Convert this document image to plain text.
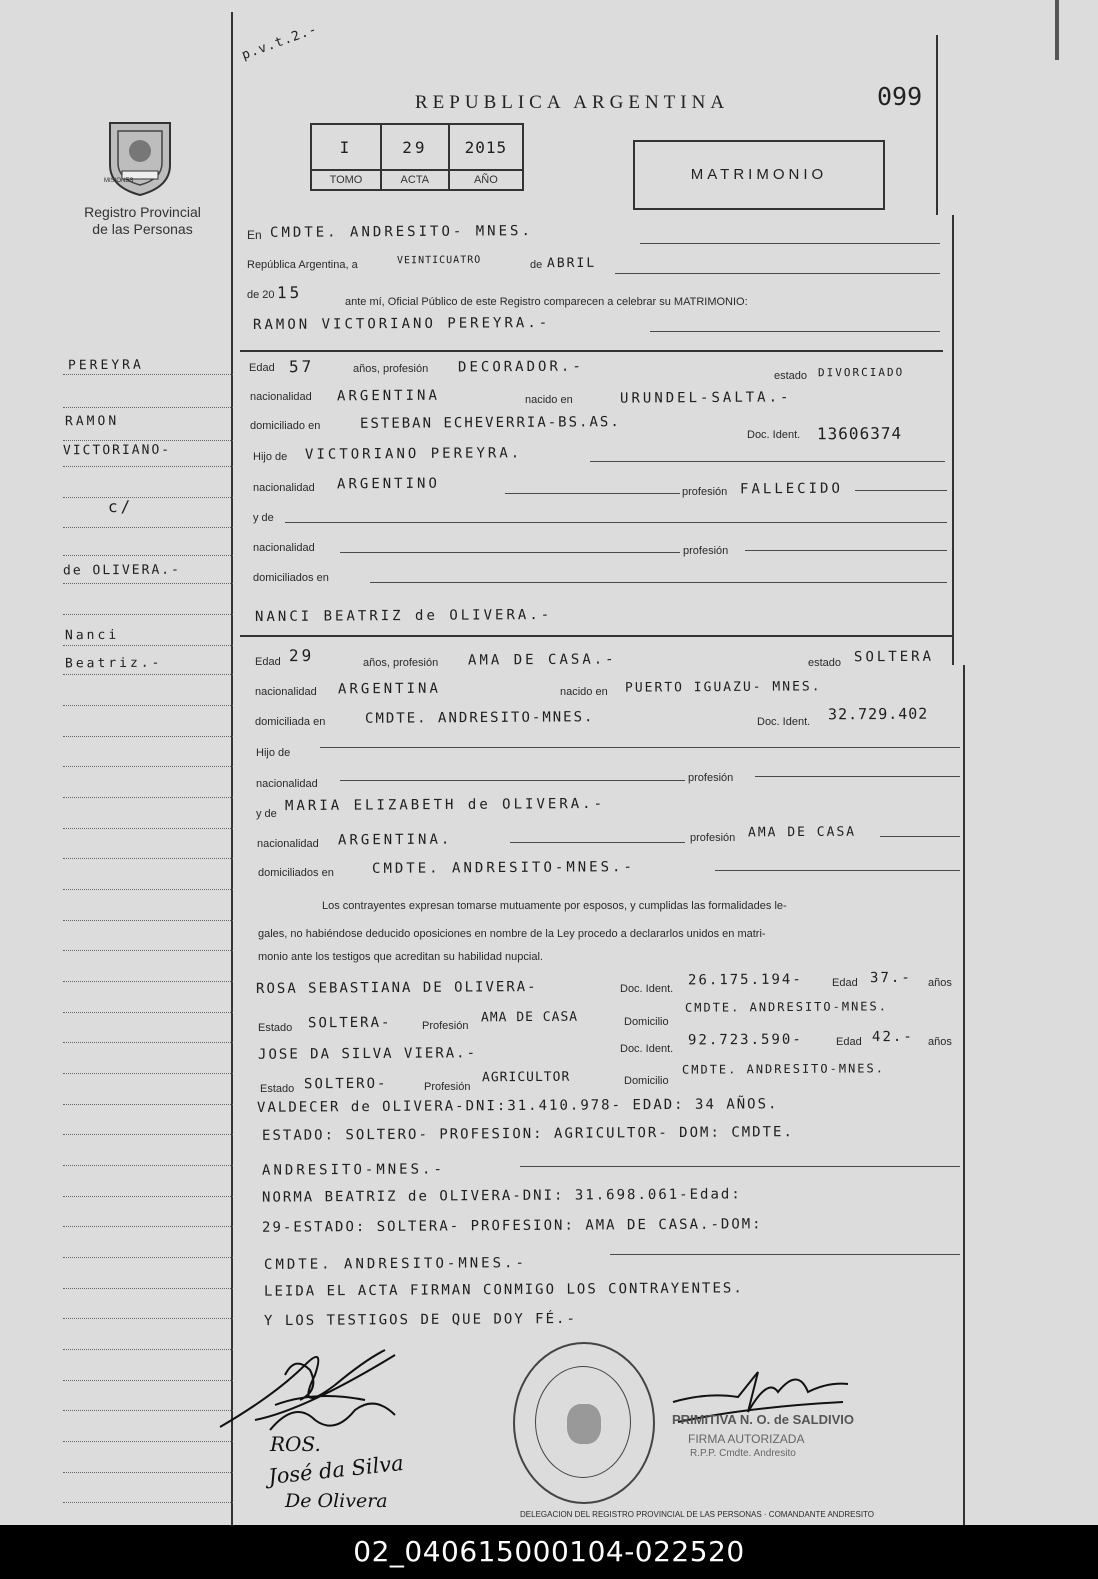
p.v.t.2.-
MISIONES
Registro Provincial
de las Personas
REPUBLICA ARGENTINA	099
I	29	2015
TOMO	ACTA	AÑO	MATRIMONIO
En CMDTE. ANDRESITO- MNES.
República Argentina, a	VEINTICUATRO	de ABRIL
de 20 15	ante mí, Oficial Público de este Registro comparecen a celebrar su MATRIMONIO:
RAMON VICTORIANO PEREYRA.-
Edad 57	años, profesión DECORADOR.-
estado DIVORCIADO
nacionalidad ARGENTINA	nacido en	URUNDEL-SALTA.-
domiciliado en	ESTEBAN ECHEVERRIA-BS.AS.
Doc. Ident. 13606374
Hijo de VICTORIANO PEREYRA.
nacionalidad ARGENTINO	profesión FALLECIDO
y de
nacionalidad	profesión
domiciliados en
NANCI BEATRIZ de OLIVERA.-
Edad 29	años, profesión AMA DE CASA.-	estado SOLTERA
nacionalidad ARGENTINA	nacido en PUERTO IGUAZU- MNES.
domiciliada en	CMDTE. ANDRESITO-MNES.	Doc. Ident. 32.729.402
Hijo de
nacionalidad	profesión
y de MARIA ELIZABETH de OLIVERA.-
nacionalidad ARGENTINA.	profesión AMA DE CASA
domiciliados en	CMDTE. ANDRESITO-MNES.-
Los contrayentes expresan tomarse mutuamente por esposos, y cumplidas las formalidades le-
gales, no habiéndose deducido oposiciones en nombre de la Ley procedo a declararlos unidos en matri-
monio ante los testigos que acreditan su habilidad nupcial.
ROSA SEBASTIANA DE OLIVERA-	Doc. Ident.
26.175.194-	Edad 37.- años
Estado SOLTERA-	Profesión
AMA DE CASA	Domicilio
CMDTE. ANDRESITO-MNES.
JOSE DA SILVA VIERA.-	Doc. Ident.
92.723.590-	Edad 42.- años
Estado SOLTERO-	Profesión
AGRICULTOR	Domicilio
CMDTE. ANDRESITO-MNES.
VALDECER de OLIVERA-DNI:31.410.978- EDAD: 34 AÑOS.
ESTADO: SOLTERO- PROFESION: AGRICULTOR- DOM: CMDTE.
ANDRESITO-MNES.-
NORMA BEATRIZ de OLIVERA-DNI: 31.698.061-Edad:
29-ESTADO: SOLTERA- PROFESION: AMA DE CASA.-DOM:
CMDTE. ANDRESITO-MNES.-
LEIDA EL ACTA FIRMAN CONMIGO LOS CONTRAYENTES.
Y LOS TESTIGOS DE QUE DOY FÉ.-
PEREYRA
RAMON
VICTORIANO-
c/
de OLIVERA.-
Nanci
Beatriz.-
ROS.
José da Silva
De Olivera
DELEGACION DEL REGISTRO PROVINCIAL DE LAS PERSONAS · COMANDANTE ANDRESITO
PRIMITIVA N. O. de SALDIVIO
FIRMA AUTORIZADA
R.P.P. Cmdte. Andresito
02_040615000104-022520
